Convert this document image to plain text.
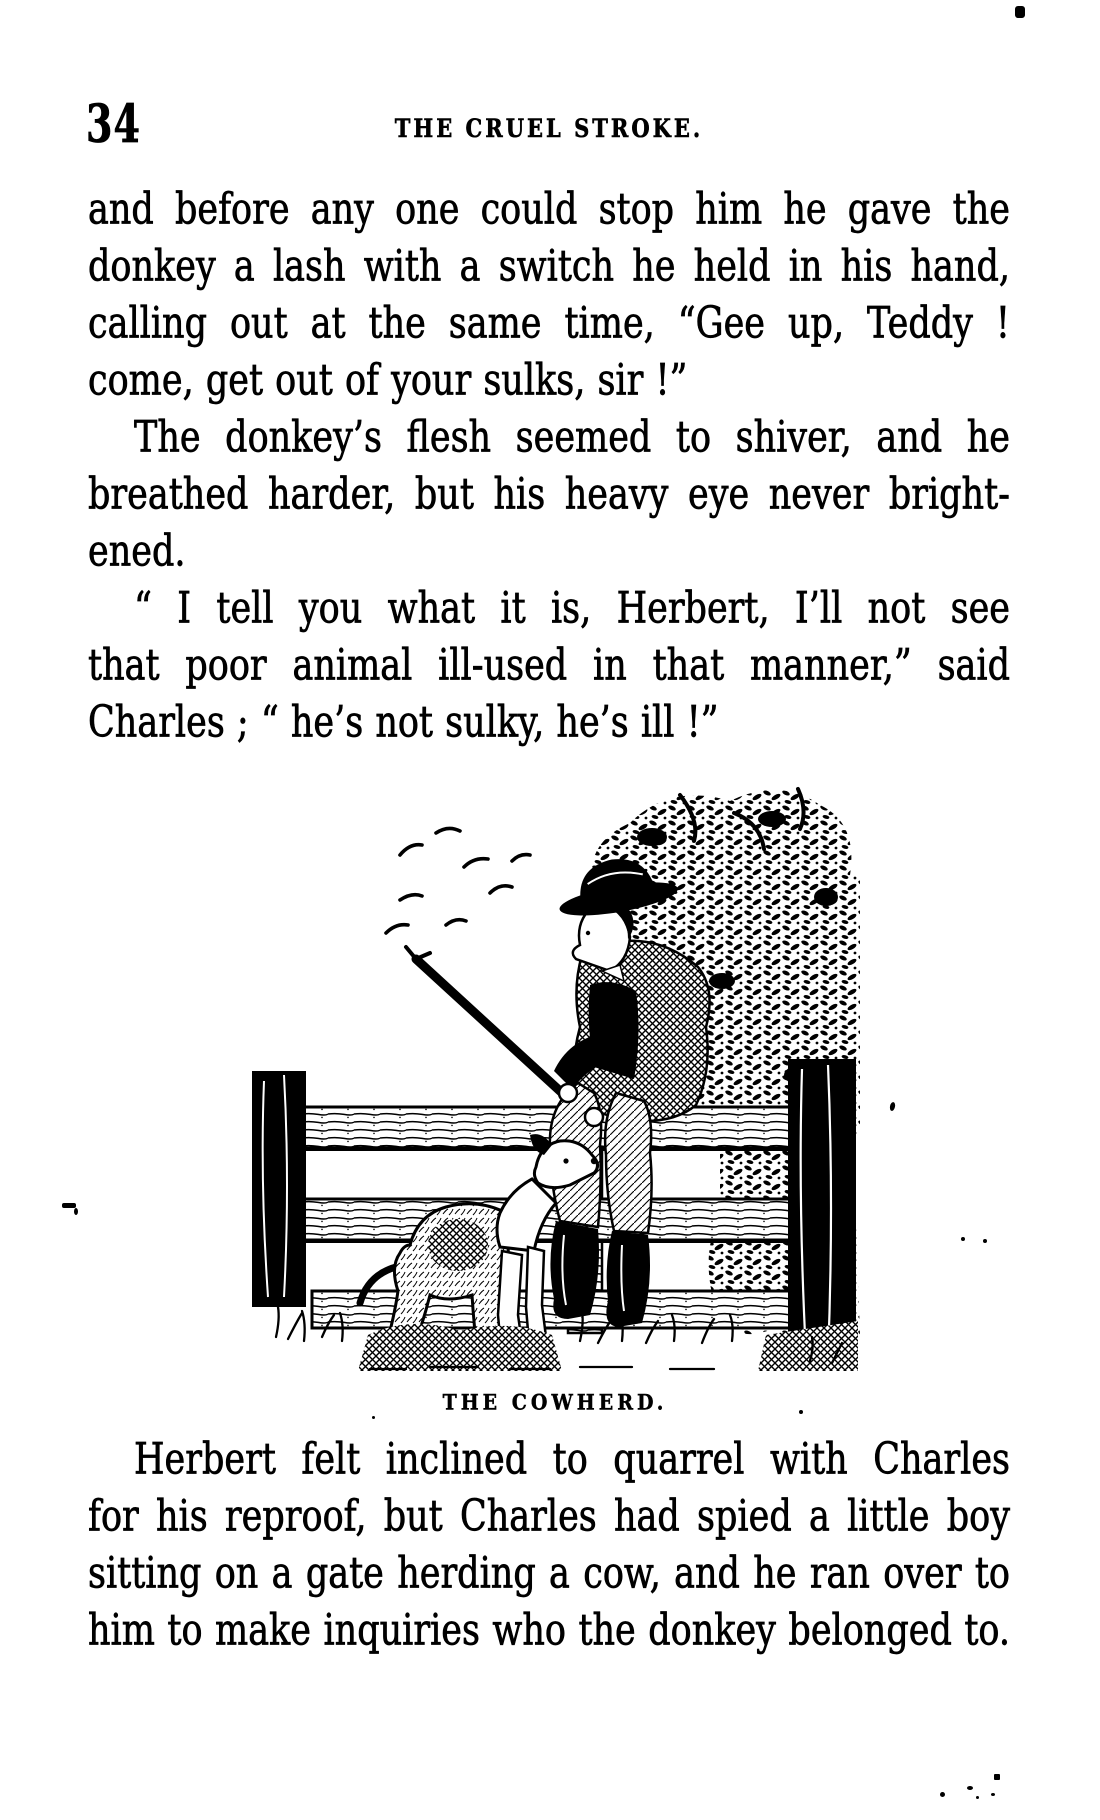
34	THE CRUEL STROKE.
and before any one could stop him he gave the
donkey a lash with a switch he held in his hand,
calling out at the same time, “Gee up, Teddy !
come, get out of your sulks, sir !”
The donkey’s flesh seemed to shiver, and he
breathed harder, but his heavy eye never bright-
ened.
“ I tell you what it is, Herbert, I’ll not see
that poor animal ill-used in that manner,” said
Charles ; “ he’s not sulky, he’s ill !”
THE COWHERD.
Herbert felt inclined to quarrel with Charles
for his reproof, but Charles had spied a little boy
sitting on a gate herding a cow, and he ran over to
him to make inquiries who the donkey belonged to.
